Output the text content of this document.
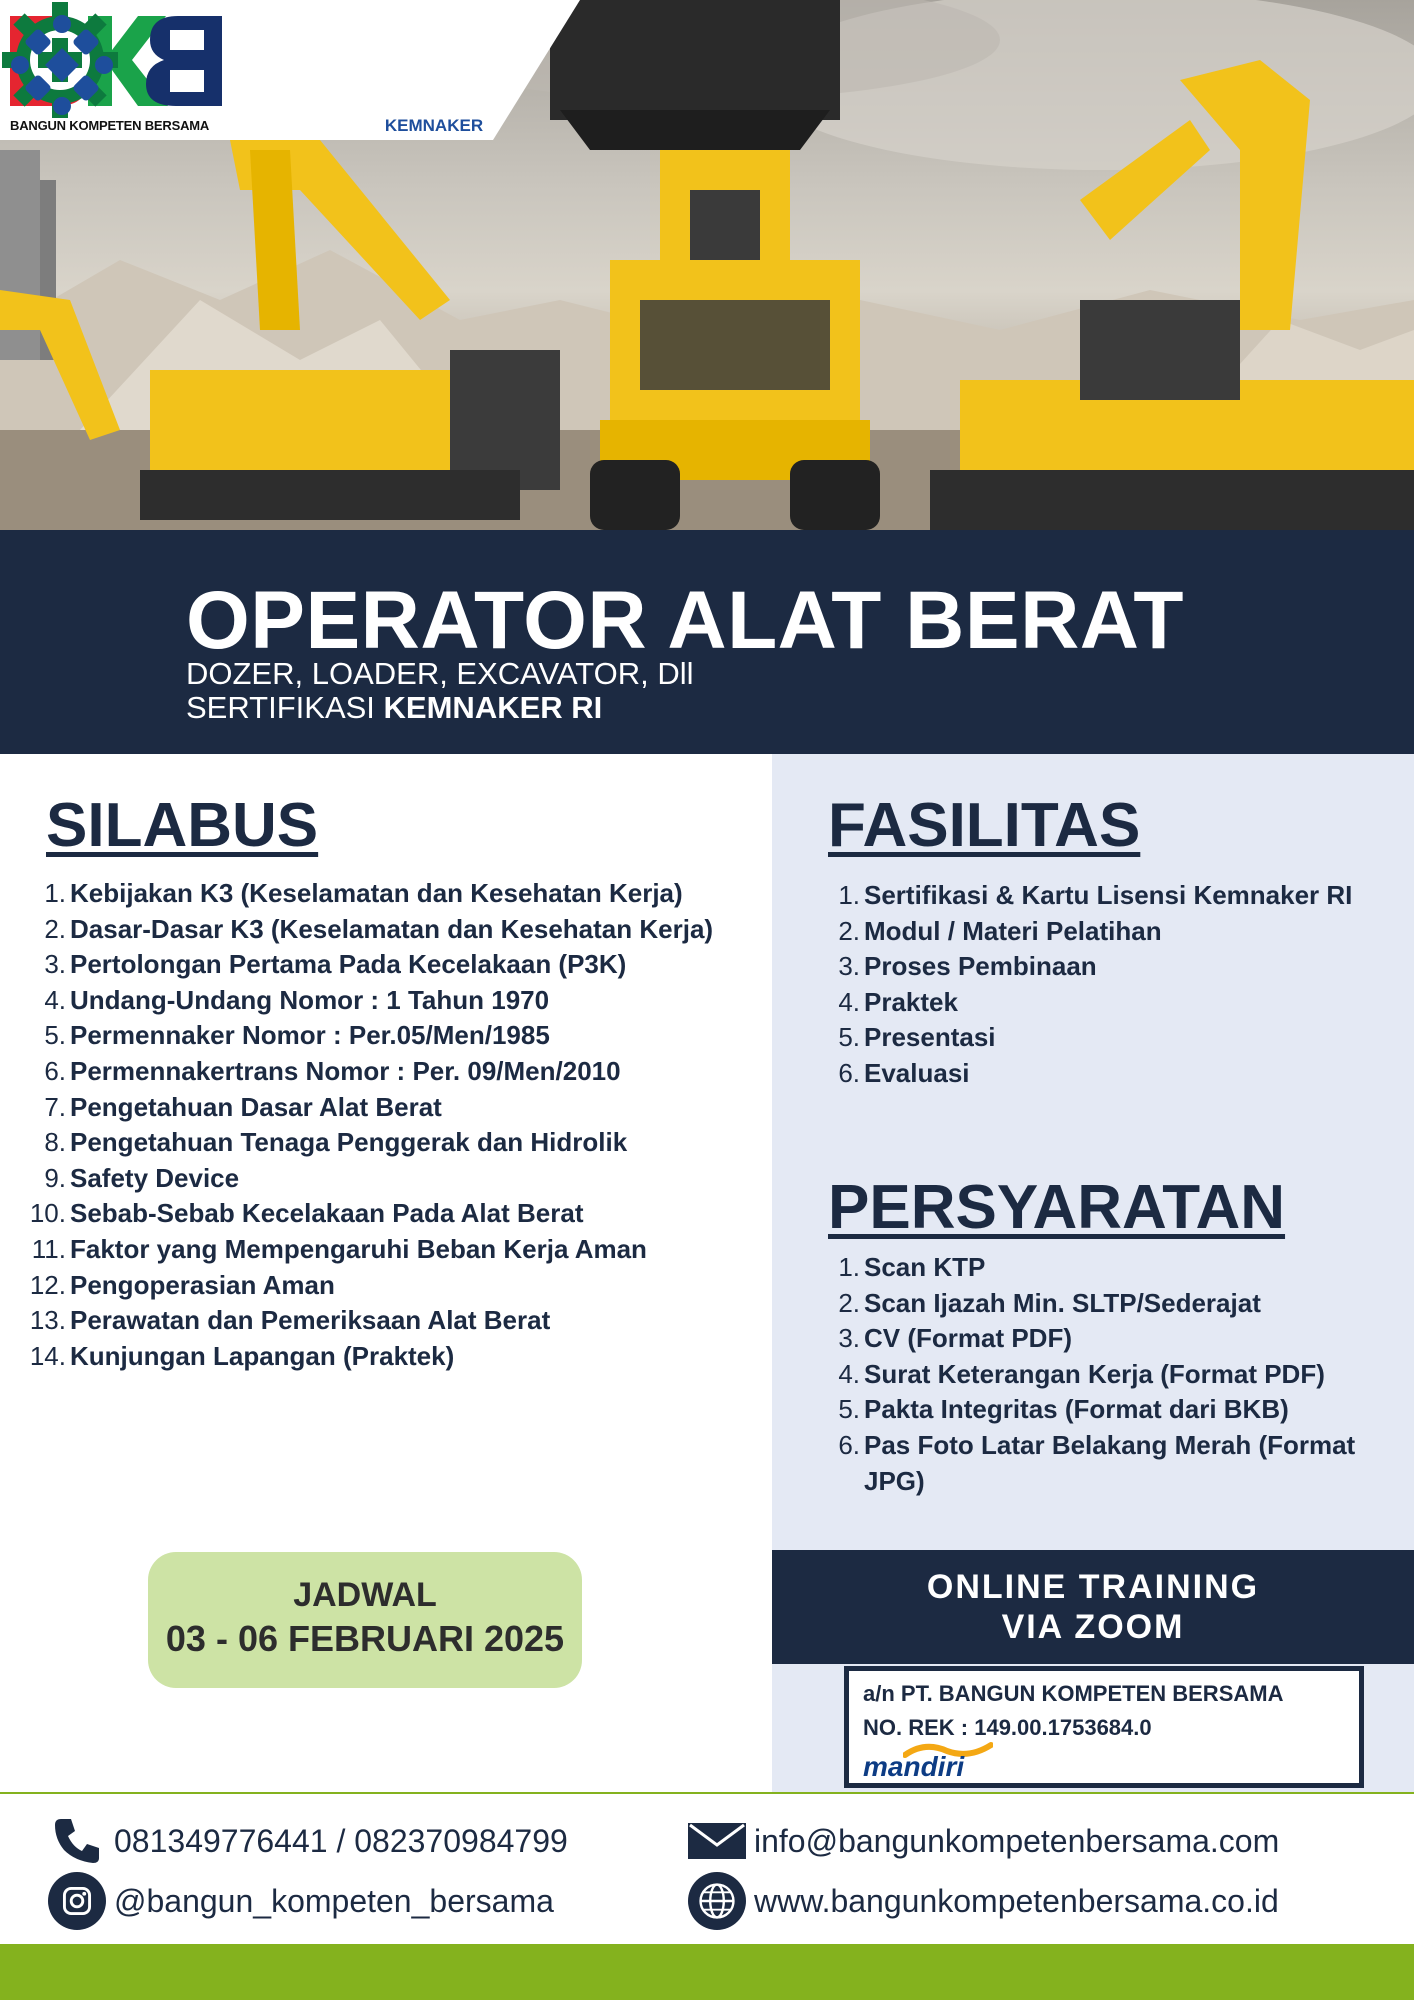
BANGUN KOMPETEN BERSAMA	KEMNAKER
OPERATOR ALAT BERAT
DOZER, LOADER, EXCAVATOR, Dll
SERTIFIKASI KEMNAKER RI
SILABUS
1. Kebijakan K3 (Keselamatan dan Kesehatan Kerja)
2. Dasar-Dasar K3 (Keselamatan dan Kesehatan Kerja)
3. Pertolongan Pertama Pada Kecelakaan (P3K)
4. Undang-Undang Nomor : 1 Tahun 1970
5. Permennaker Nomor : Per.05/Men/1985
6. Permennakertrans Nomor : Per. 09/Men/2010
7. Pengetahuan Dasar Alat Berat
8. Pengetahuan Tenaga Penggerak dan Hidrolik
9. Safety Device
10. Sebab-Sebab Kecelakaan Pada Alat Berat
11. Faktor yang Mempengaruhi Beban Kerja Aman
12. Pengoperasian Aman
13. Perawatan dan Pemeriksaan Alat Berat
14. Kunjungan Lapangan (Praktek)
JADWAL
03 - 06 FEBRUARI 2025
FASILITAS
1. Sertifikasi & Kartu Lisensi Kemnaker RI
2. Modul / Materi Pelatihan
3. Proses Pembinaan
4. Praktek
5. Presentasi
6. Evaluasi
PERSYARATAN
1. Scan KTP
2. Scan Ijazah Min. SLTP/Sederajat
3. CV (Format PDF)
4. Surat Keterangan Kerja (Format PDF)
5. Pakta Integritas (Format dari BKB)
6. Pas Foto Latar Belakang Merah (Format JPG)
ONLINE TRAINING
VIA ZOOM
a/n PT. BANGUN KOMPETEN BERSAMA
NO. REK : 149.00.1753684.0
mandiri
081349776441 / 082370984799	info@bangunkompetenbersama.com
@bangun_kompeten_bersama	www.bangunkompetenbersama.co.id
